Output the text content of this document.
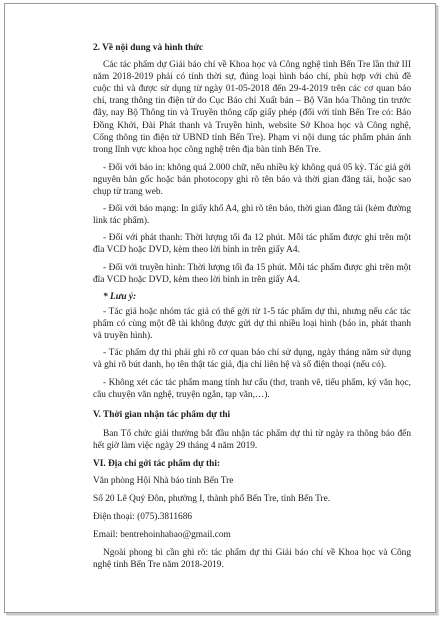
2. Về nội dung và hình thức

Các tác phẩm dự Giải báo chí về Khoa học và Công nghệ tỉnh Bến Tre lần thứ III năm 2018-2019 phải có tính thời sự, đúng loại hình báo chí, phù hợp với chủ đề cuộc thi và được sử dụng từ ngày 01-05-2018 đến 29-4-2019 trên các cơ quan báo chí, trang thông tin điện tử do Cục Báo chí Xuất bản – Bộ Văn hóa Thông tin trước đây, nay Bộ Thông tin và Truyền thông cấp giấy phép (đối với tỉnh Bến Tre có: Báo Đồng Khởi, Đài Phát thanh và Truyền hình, website Sở Khoa học và Công nghệ, Cổng thông tin điện tử UBND tỉnh Bến Tre). Phạm vi nội dung tác phẩm phản ánh trong lĩnh vực khoa học công nghệ trên địa bàn tỉnh Bến Tre.

- Đối với báo in: không quá 2.000 chữ, nếu nhiều kỳ không quá 05 kỳ. Tác giả gởi nguyên bản gốc hoặc bản photocopy ghi rõ tên báo và thời gian đăng tải, hoặc sao chụp từ trang web.

- Đối với báo mạng: In giấy khổ A4, ghi rõ tên báo, thời gian đăng tải (kèm đường link tác phẩm).

- Đối với phát thanh: Thời lượng tối đa 12 phút. Mỗi tác phẩm được ghi trên một đĩa VCD hoặc DVD, kèm theo lời bình in trên giấy A4.

- Đối với truyền hình: Thời lượng tối đa 15 phút. Mỗi tác phẩm được ghi trên một đĩa VCD hoặc DVD, kèm theo lời bình in trên giấy A4.

* Lưu ý:

- Tác giả hoặc nhóm tác giả có thể gởi từ 1-5 tác phẩm dự thi, nhưng nếu các tác phẩm có cùng một đề tài không được gửi dự thi nhiều loại hình (báo in, phát thanh và truyền hình).

- Tác phẩm dự thi phải ghi rõ cơ quan báo chí sử dụng, ngày tháng năm sử dụng và ghi rõ bút danh, họ tên thật tác giả, địa chỉ liên hệ và số điện thoại (nếu có).

- Không xét các tác phẩm mang tính hư cấu (thơ, tranh vẽ, tiểu phẩm, ký văn học, câu chuyện văn nghệ, truyện ngắn, tạp văn,…).

V. Thời gian nhận tác phẩm dự thi

Ban Tổ chức giải thưởng bắt đầu nhận tác phẩm dự thi từ ngày ra thông báo đến hết giờ làm việc ngày 29 tháng 4 năm 2019.

VI. Địa chỉ gởi tác phẩm dự thi:

Văn phòng Hội Nhà báo tỉnh Bến Tre

Số 20 Lê Quý Đôn, phường I, thành phố Bến Tre, tỉnh Bến Tre.

Điện thoại: (075).3811686

Email: bentrehoinhabao@gmail.com

Ngoài phong bì cần ghi rõ: tác phẩm dự thi Giải báo chí về Khoa học và Công nghệ tỉnh Bến Tre năm 2018-2019.
